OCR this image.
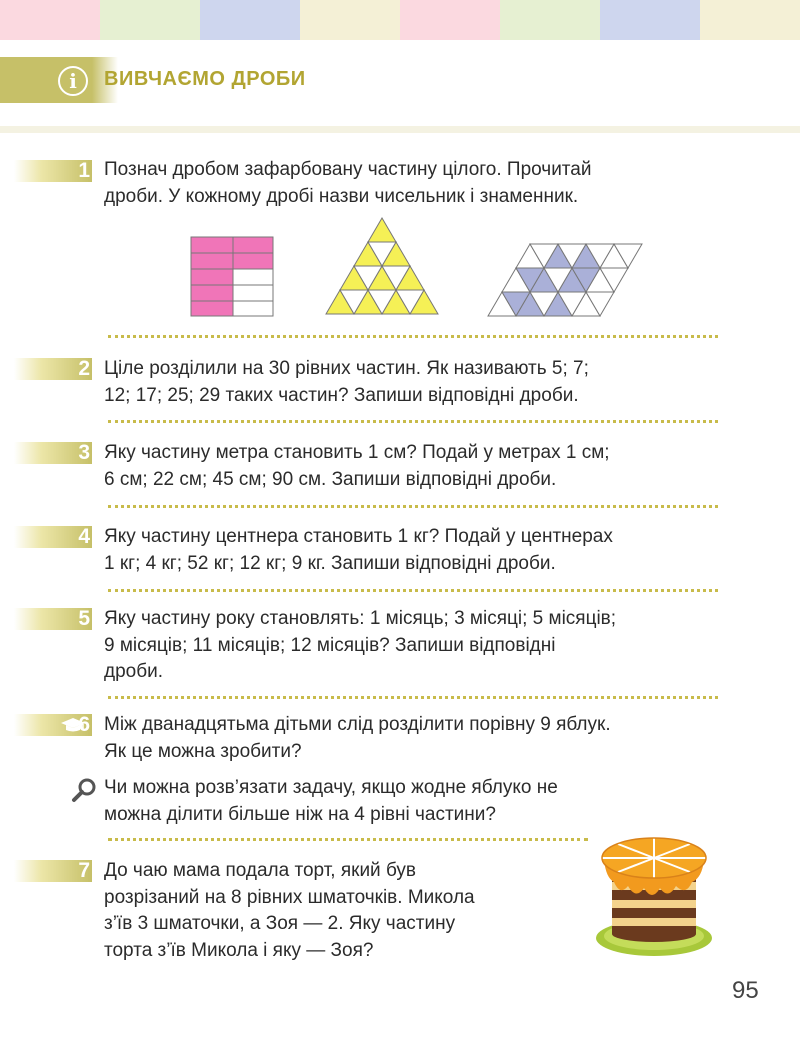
i	ВИВЧАЄМО ДРОБИ
1 Познач дробом зафарбовану частину цілого. Прочитай
дроби. У кожному дробі назви чисельник і знаменник.
2 Ціле розділили на 30 рівних частин. Як називають 5; 7;
12; 17; 25; 29 таких частин? Запиши відповідні дроби.
3 Яку частину метра становить 1 см? Подай у метрах 1 см;
6 см; 22 см; 45 см; 90 см. Запиши відповідні дроби.
4 Яку частину центнера становить 1 кг? Подай у центнерах
1 кг; 4 кг; 52 кг; 12 кг; 9 кг. Запиши відповідні дроби.
5 Яку частину року становлять: 1 місяць; 3 місяці; 5 місяців;
9 місяців; 11 місяців; 12 місяців? Запиши відповідні
дроби.
6 Між дванадцятьма дітьми слід розділити порівну 9 яблук.
Як це можна зробити?
Чи можна розв’язати задачу, якщо жодне яблуко не
можна ділити більше ніж на 4 рівні частини?
7 До чаю мама подала торт, який був
розрізаний на 8 рівних шматочків. Микола
з’їв 3 шматочки, а Зоя — 2. Яку частину
торта з’їв Микола і яку — Зоя?
95
